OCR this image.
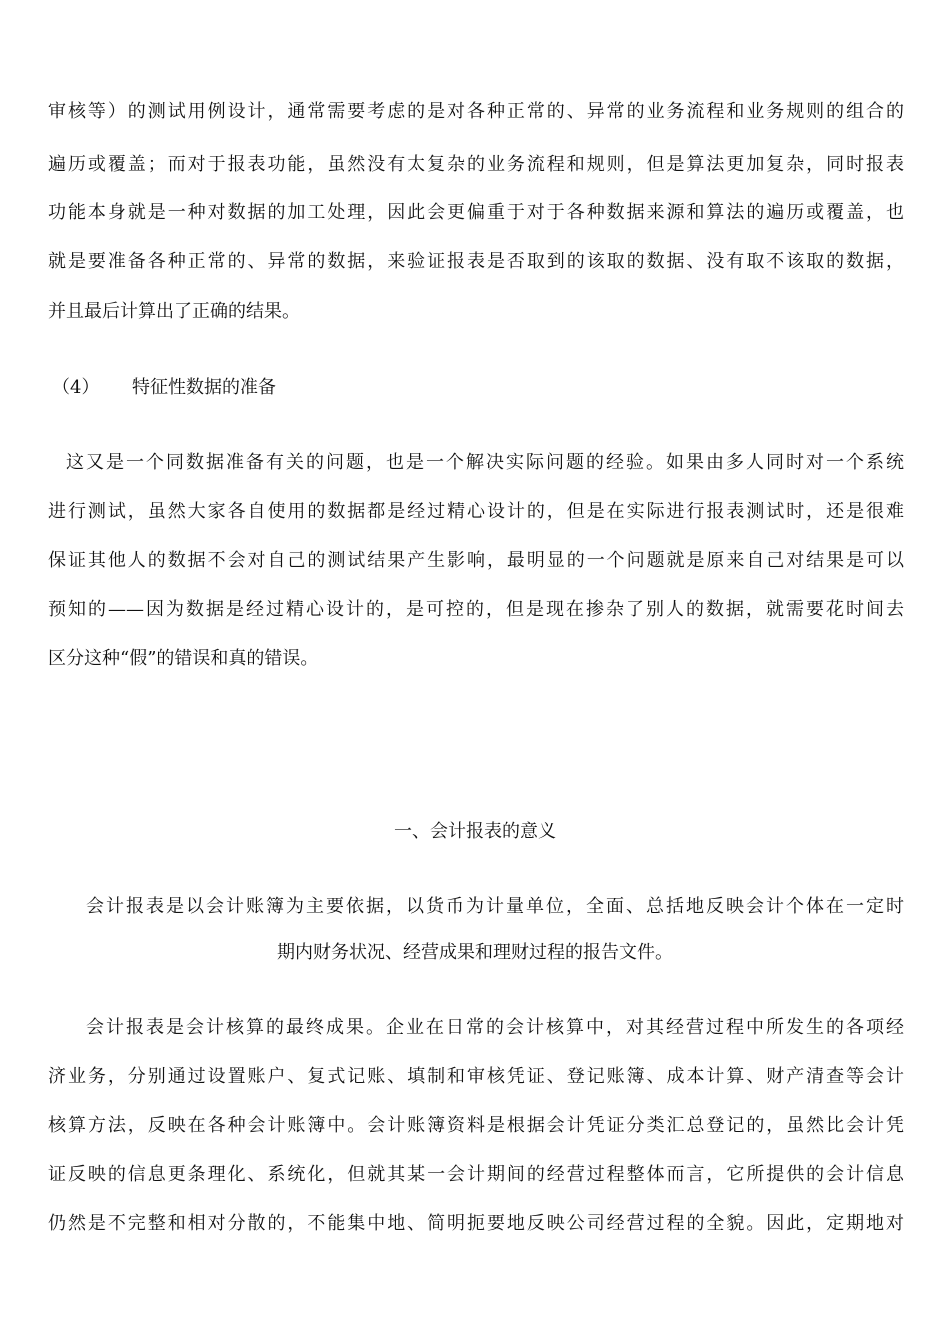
审核等）的测试用例设计，通常需要考虑的是对各种正常的、异常的业务流程和业务规则的组合的
遍历或覆盖；而对于报表功能，虽然没有太复杂的业务流程和规则，但是算法更加复杂，同时报表
功能本身就是一种对数据的加工处理，因此会更偏重于对于各种数据来源和算法的遍历或覆盖，也
就是要准备各种正常的、异常的数据，来验证报表是否取到的该取的数据、没有取不该取的数据，
并且最后计算出了正确的结果。
（4） 特征性数据的准备
这又是一个同数据准备有关的问题，也是一个解决实际问题的经验。如果由多人同时对一个系统
进行测试，虽然大家各自使用的数据都是经过精心设计的，但是在实际进行报表测试时，还是很难
保证其他人的数据不会对自己的测试结果产生影响，最明显的一个问题就是原来自己对结果是可以
预知的——因为数据是经过精心设计的，是可控的，但是现在掺杂了别人的数据，就需要花时间去
区分这种“假”的错误和真的错误。
一、会计报表的意义
会计报表是以会计账簿为主要依据，以货币为计量单位，全面、总括地反映会计个体在一定时
期内财务状况、经营成果和理财过程的报告文件。
会计报表是会计核算的最终成果。企业在日常的会计核算中，对其经营过程中所发生的各项经
济业务，分别通过设置账户、复式记账、填制和审核凭证、登记账簿、成本计算、财产清查等会计
核算方法，反映在各种会计账簿中。会计账簿资料是根据会计凭证分类汇总登记的，虽然比会计凭
证反映的信息更条理化、系统化，但就其某一会计期间的经营过程整体而言，它所提供的会计信息
仍然是不完整和相对分散的，不能集中地、简明扼要地反映公司经营过程的全貌。因此，定期地对
